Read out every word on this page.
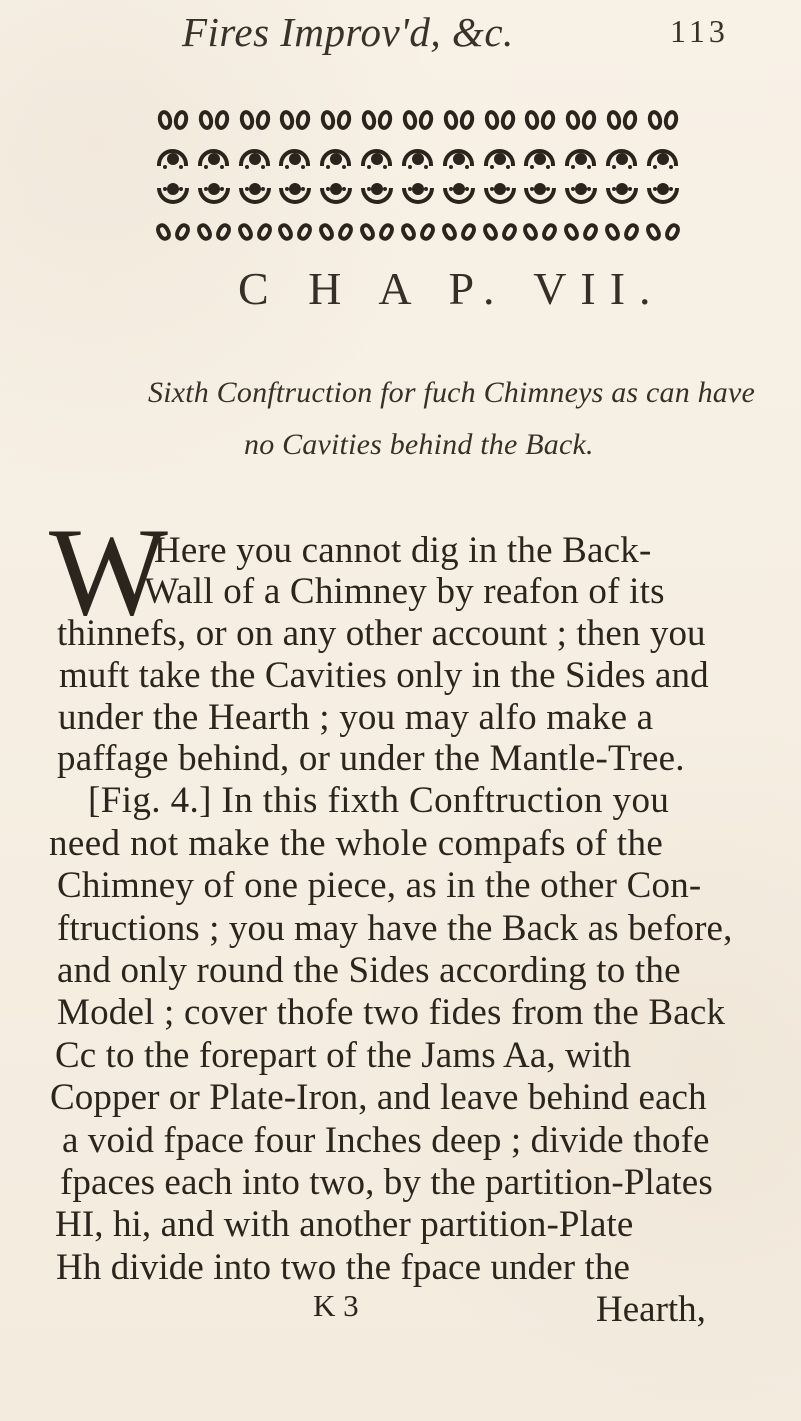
Fires Improv'd, &c.	113
C H A P. VII.
Sixth Conftruction for fuch Chimneys as can have
no Cavities behind the Back.
W
Here you cannot dig in the Back-
Wall of a Chimney by reafon of its
thinnefs, or on any other account ; then you
muft take the Cavities only in the Sides and
under the Hearth ; you may alfo make a
paffage behind, or under the Mantle-Tree.
[Fig. 4.] In this fixth Conftruction you
need not make the whole compafs of the
Chimney of one piece, as in the other Con-
ftructions ; you may have the Back as before,
and only round the Sides according to the
Model ; cover thofe two fides from the Back
Cc to the forepart of the Jams Aa, with
Copper or Plate-Iron, and leave behind each
a void fpace four Inches deep ; divide thofe
fpaces each into two, by the partition-Plates
HI, hi, and with another partition-Plate
Hh divide into two the fpace under the
K 3	Hearth,
